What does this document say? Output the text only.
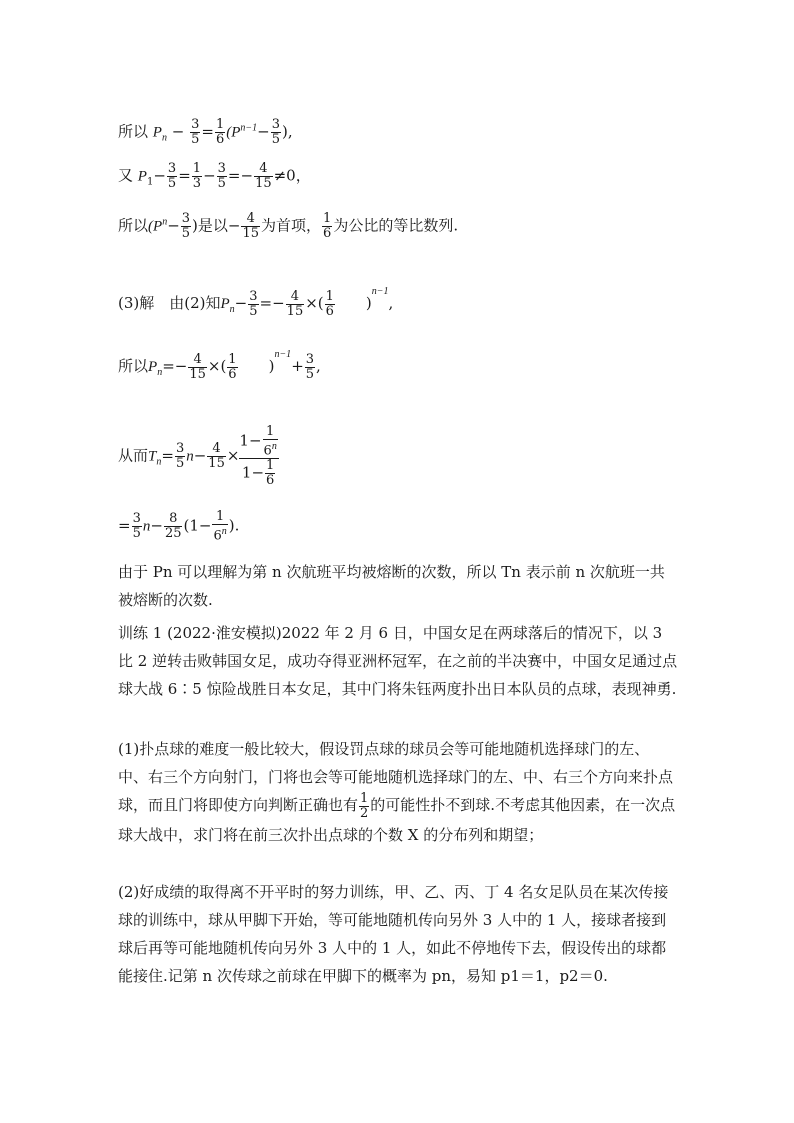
所以 $P_n - \frac{3}{5} = \frac{1}{6} (P^{n-1}- \frac{3}{5}$ ),
又 $P_1- \frac{3}{5} = \frac{1}{3} - \frac{3}{5} =- \frac{4}{15} \ne 0$，
所以($P^n- \frac{3}{5}$ )是以− $\frac{4}{15}$ 为首项， $\frac{1}{6}$ 为公比的等比数列.
(3)解　由(2)知$P_n- \frac{3}{5} =- \frac{4}{15}$ ×( $\frac{1}{6} )^{n-1}$,
所以$P_n=- \frac{4}{15}$ ×( $\frac{1}{6} )^{n-1}+ \frac{3}{5}$ ,
从而$T_n= \frac{3}{5} n- \frac{4}{15} \times \frac{1- \frac{1}{6^n}}{1- \frac{1}{6}}$
= $\frac{3}{5} n- \frac{8}{25} (1- \frac{1}{6^n}$ ).
由于 Pn 可以理解为第 n 次航班平均被熔断的次数，所以 Tn 表示前 n 次航班一共被熔断的次数.
训练 1 (2022·淮安模拟)2022 年 2 月 6 日，中国女足在两球落后的情况下，以 3 比 2 逆转击败韩国女足，成功夺得亚洲杯冠军，在之前的半决赛中，中国女足通过点球大战 6∶5 惊险战胜日本女足，其中门将朱钰两度扑出日本队员的点球，表现神勇.
(1)扑点球的难度一般比较大，假设罚点球的球员会等可能地随机选择球门的左、中、右三个方向射门，门将也会等可能地随机选择球门的左、中、右三个方向来扑点球，而且门将即使方向判断正确也有 $\frac{1}{2}$ 的可能性扑不到球.不考虑其他因素，在一次点球大战中，求门将在前三次扑出点球的个数 X 的分布列和期望；
(2)好成绩的取得离不开平时的努力训练，甲、乙、丙、丁 4 名女足队员在某次传接球的训练中，球从甲脚下开始，等可能地随机传向另外 3 人中的 1 人，接球者接到球后再等可能地随机传向另外 3 人中的 1 人，如此不停地传下去，假设传出的球都能接住.记第 n 次传球之前球在甲脚下的概率为 pn，易知 p1＝1，p2＝0.
